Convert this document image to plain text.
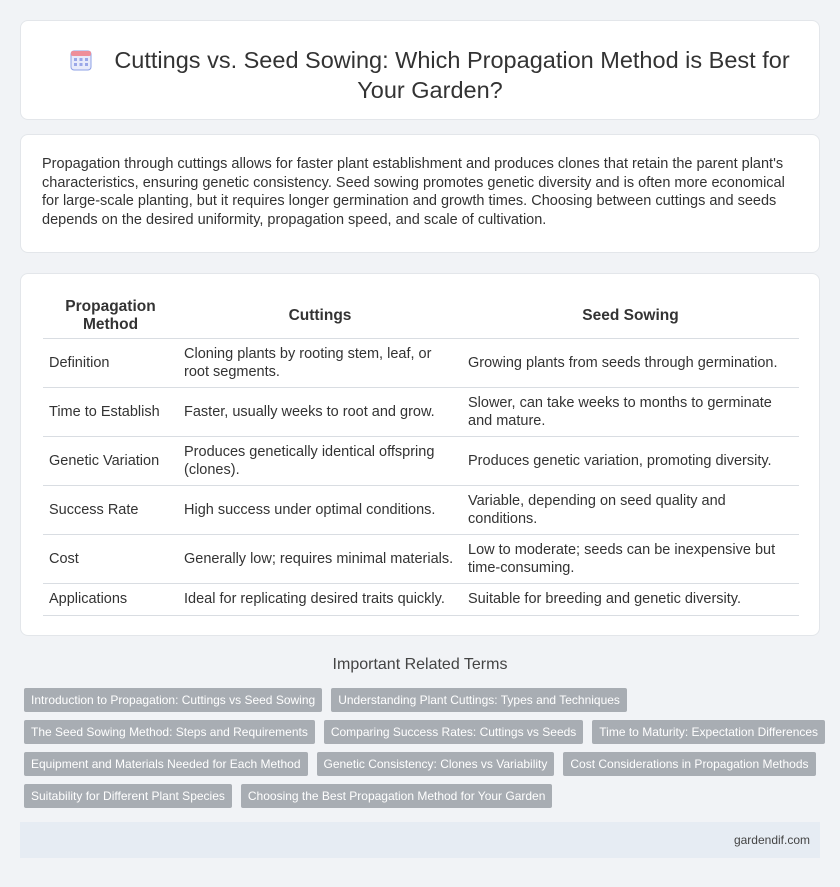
Cuttings vs. Seed Sowing: Which Propagation Method is Best for Your Garden?

Propagation through cuttings allows for faster plant establishment and produces clones that retain the parent plant's characteristics, ensuring genetic consistency. Seed sowing promotes genetic diversity and is often more economical for large-scale planting, but it requires longer germination and growth times. Choosing between cuttings and seeds depends on the desired uniformity, propagation speed, and scale of cultivation.

Propagation Method	Cuttings	Seed Sowing
Definition	Cloning plants by rooting stem, leaf, or root segments.	Growing plants from seeds through germination.
Time to Establish	Faster, usually weeks to root and grow.	Slower, can take weeks to months to germinate and mature.
Genetic Variation	Produces genetically identical offspring (clones).	Produces genetic variation, promoting diversity.
Success Rate	High success under optimal conditions.	Variable, depending on seed quality and conditions.
Cost	Generally low; requires minimal materials.	Low to moderate; seeds can be inexpensive but time-consuming.
Applications	Ideal for replicating desired traits quickly.	Suitable for breeding and genetic diversity.
Important Related Terms
Introduction to Propagation: Cuttings vs Seed Sowing	Understanding Plant Cuttings: Types and Techniques
The Seed Sowing Method: Steps and Requirements	Comparing Success Rates: Cuttings vs Seeds	Time to Maturity: Expectation Differences
Equipment and Materials Needed for Each Method	Genetic Consistency: Clones vs Variability	Cost Considerations in Propagation Methods
Suitability for Different Plant Species	Choosing the Best Propagation Method for Your Garden
gardendif.com
